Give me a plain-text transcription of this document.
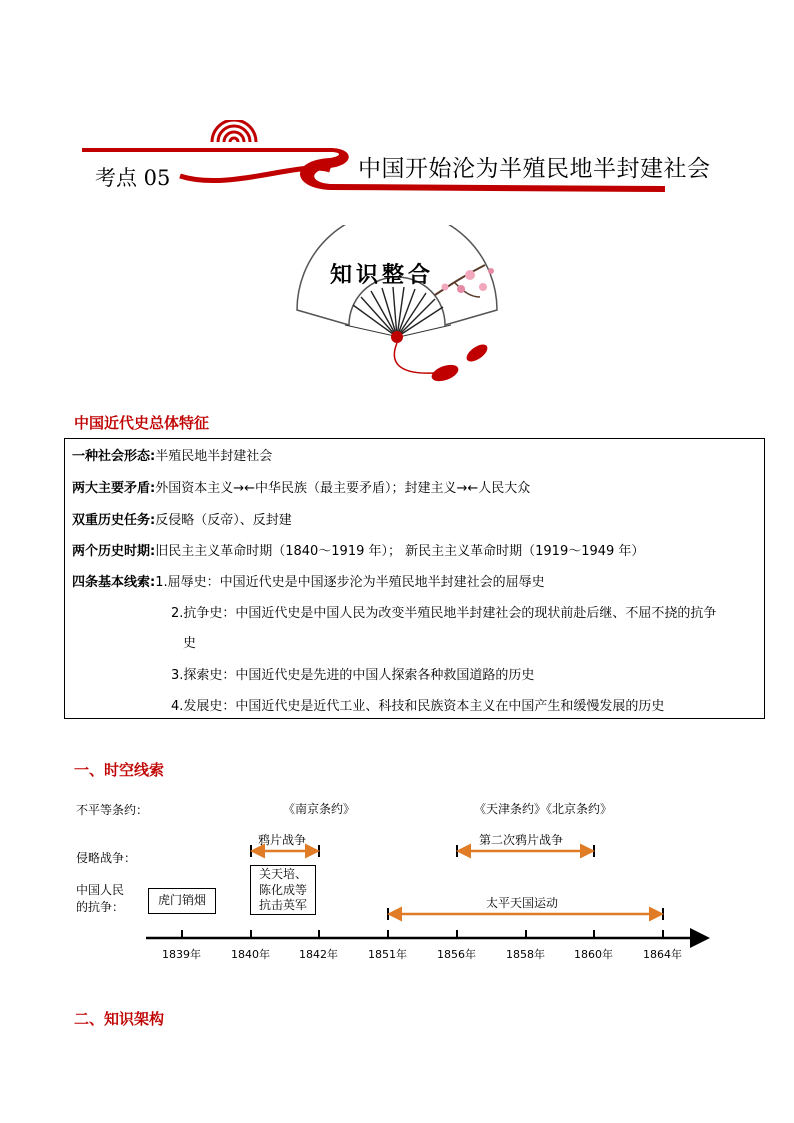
考点 05	中国开始沦为半殖民地半封建社会
知识整合
中国近代史总体特征
一种社会形态:半殖民地半封建社会
两大主要矛盾:外国资本主义→←中华民族（最主要矛盾）；封建主义→←人民大众
双重历史任务:反侵略（反帝）、反封建
两个历史时期:旧民主主义革命时期（1840～1919 年）； 新民主主义革命时期（1919～1949 年）
四条基本线索:1.屈辱史：中国近代史是中国逐步沦为半殖民地半封建社会的屈辱史
2.抗争史：中国近代史是中国人民为改变半殖民地半封建社会的现状前赴后继、不屈不挠的抗争
史
3.探索史：中国近代史是先进的中国人探索各种救国道路的历史
4.发展史：中国近代史是近代工业、科技和民族资本主义在中国产生和缓慢发展的历史
一、时空线索
不平等条约：
侵略战争：
中国人民
的抗争：
《南京条约》	《天津条约》《北京条约》
鸦片战争	第二次鸦片战争
虎门销烟
关天培、
陈化成等
抗击英军	太平天国运动
1839年	1840年	1842年	1851年	1856年	1858年	1860年	1864年
二、知识架构
